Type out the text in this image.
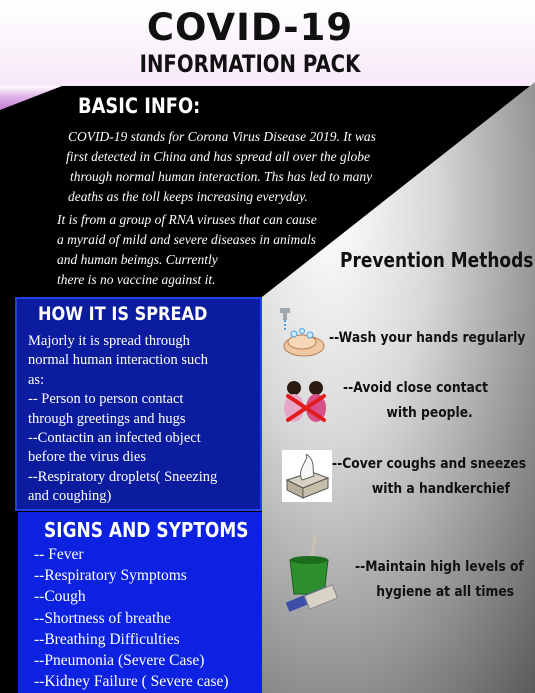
COVID-19
INFORMATION PACK
BASIC INFO:
COVID-19 stands for Corona Virus Disease 2019. It was
first detected in China and has spread all over the globe
through normal human interaction. Ths has led to many
deaths as the toll keeps increasing everyday.
It is from a group of RNA viruses that can cause
a myraid of mild and severe diseases in animals
and human beimgs. Currently
there is no vaccine against it.
Prevention Methods
HOW IT IS SPREAD
Majorly it is spread through
normal human interaction such
as:
-- Person to person contact
through greetings and hugs
--Contactin an infected object
before the virus dies
--Respiratory droplets( Sneezing
and coughing)
SIGNS AND SYPTOMS
-- Fever
--Respiratory Symptoms
--Cough
--Shortness of breathe
--Breathing Difficulties
--Pneumonia (Severe Case)
--Kidney Failure ( Severe case)
--Wash your hands regularly
--Avoid close contact
with people.
--Cover coughs and sneezes
with a handkerchief
--Maintain high levels of
hygiene at all times
